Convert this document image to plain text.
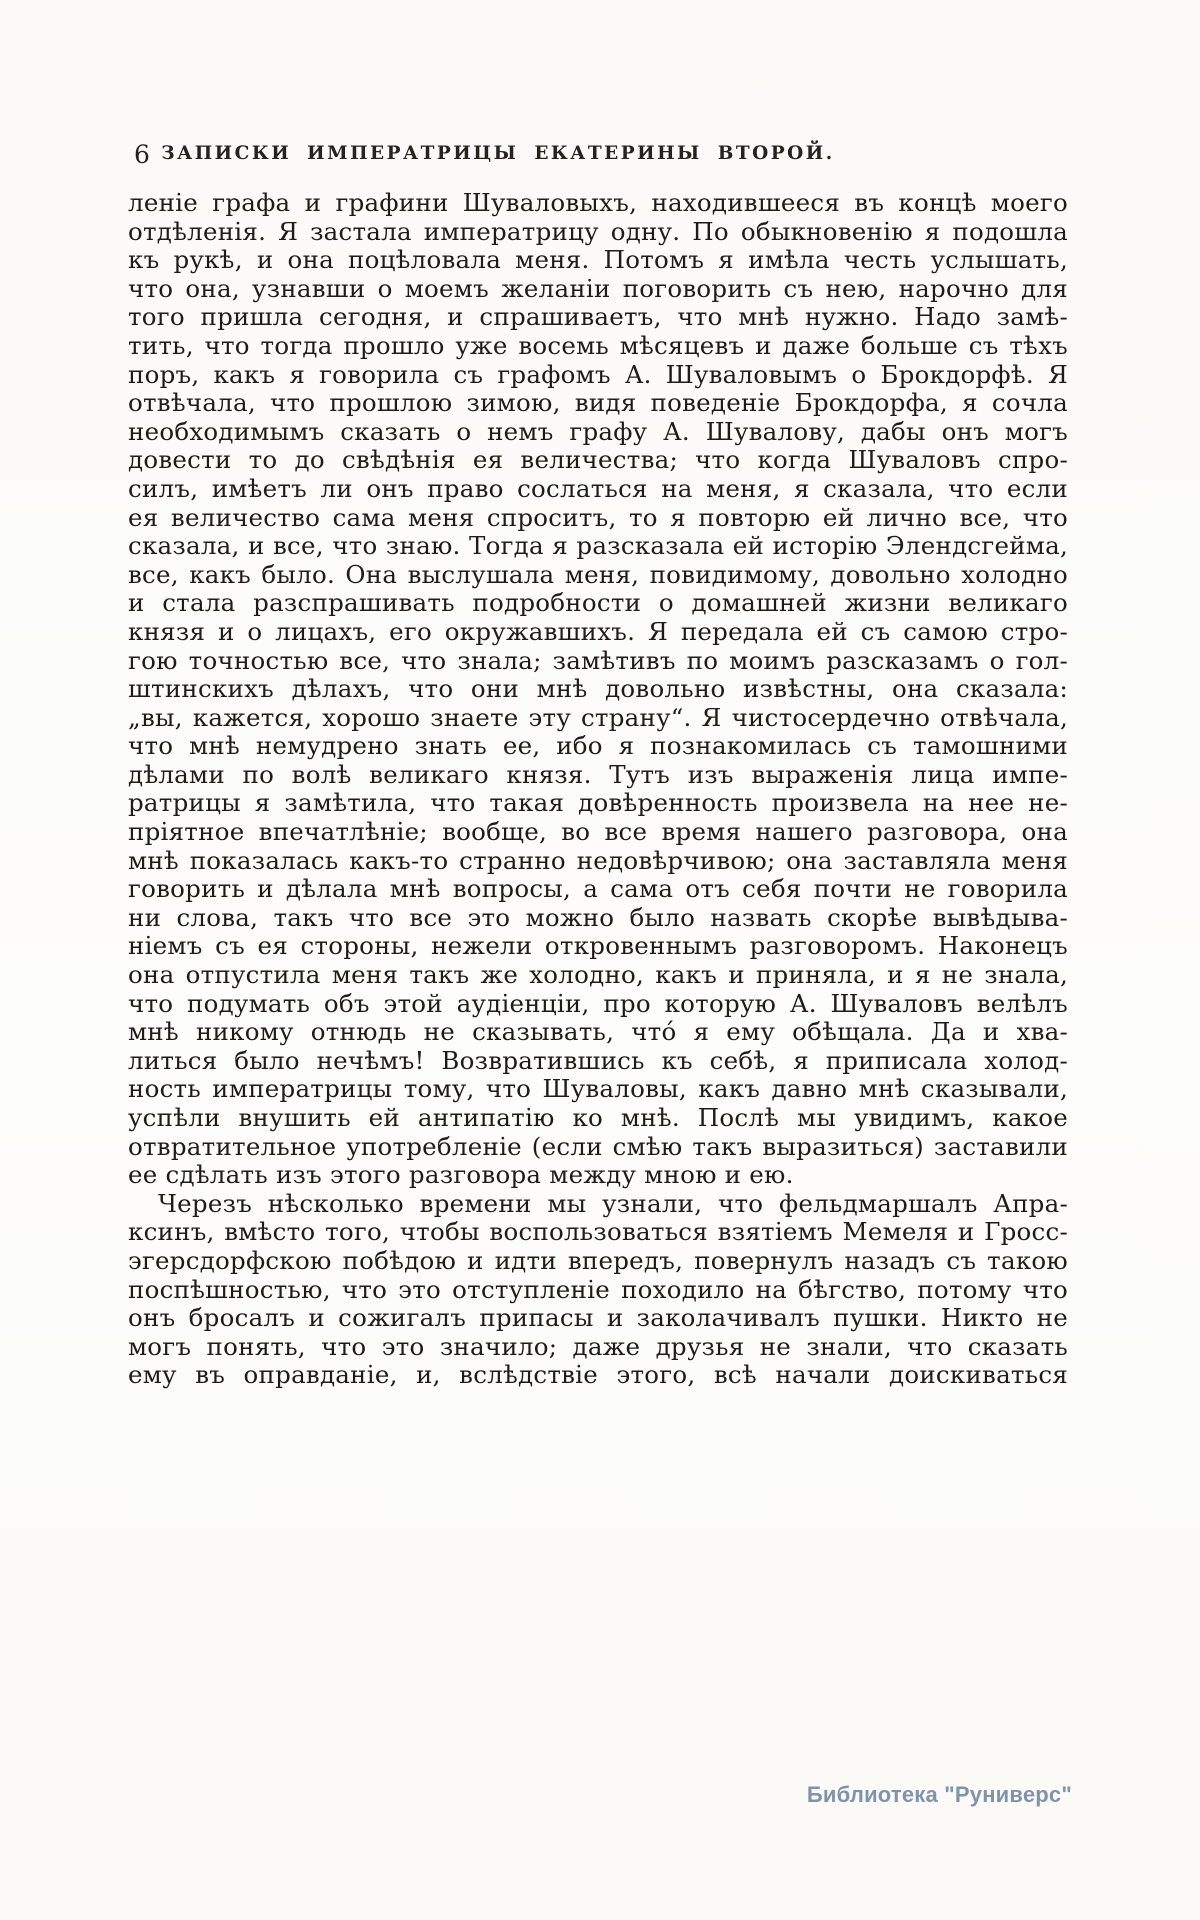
6 ЗАПИСКИ ИМПЕРАТРИЦЫ ЕКАТЕРИНЫ ВТОРОЙ.
леніе графа и графини Шуваловыхъ, находившееся въ концѣ моего
отдѣленія. Я застала императрицу одну. По обыкновенію я подошла
къ рукѣ, и она поцѣловала меня. Потомъ я имѣла честь услышать,
что она, узнавши о моемъ желаніи поговорить съ нею, нарочно для
того пришла сегодня, и спрашиваетъ, что мнѣ нужно. Надо замѣ-
тить, что тогда прошло уже восемь мѣсяцевъ и даже больше съ тѣхъ
поръ, какъ я говорила съ графомъ А. Шуваловымъ о Брокдорфѣ. Я
отвѣчала, что прошлою зимою, видя поведеніе Брокдорфа, я сочла
необходимымъ сказать о немъ графу А. Шувалову, дабы онъ могъ
довести то до свѣдѣнія ея величества; что когда Шуваловъ спро-
силъ, имѣетъ ли онъ право сослаться на меня, я сказала, что если
ея величество сама меня спроситъ, то я повторю ей лично все, что
сказала, и все, что знаю. Тогда я разсказала ей исторію Элендсгейма,
все, какъ было. Она выслушала меня, повидимому, довольно холодно
и стала разспрашивать подробности о домашней жизни великаго
князя и о лицахъ, его окружавшихъ. Я передала ей съ самою стро-
гою точностью все, что знала; замѣтивъ по моимъ разсказамъ о гол-
штинскихъ дѣлахъ, что они мнѣ довольно извѣстны, она сказала:
„вы, кажется, хорошо знаете эту страну“. Я чистосердечно отвѣчала,
что мнѣ немудрено знать ее, ибо я познакомилась съ тамошними
дѣлами по волѣ великаго князя. Тутъ изъ выраженія лица импе-
ратрицы я замѣтила, что такая довѣренность произвела на нее не-
пріятное впечатлѣніе; вообще, во все время нашего разговора, она
мнѣ показалась какъ-то странно недовѣрчивою; она заставляла меня
говорить и дѣлала мнѣ вопросы, а сама отъ себя почти не говорила
ни слова, такъ что все это можно было назвать скорѣе вывѣдыва-
ніемъ съ ея стороны, нежели откровеннымъ разговоромъ. Наконецъ
она отпустила меня такъ же холодно, какъ и приняла, и я не знала,
что подумать объ этой аудіенціи, про которую А. Шуваловъ велѣлъ
мнѣ никому отнюдь не сказывать, что́ я ему обѣщала. Да и хва-
литься было нечѣмъ! Возвратившись къ себѣ, я приписала холод-
ность императрицы тому, что Шуваловы, какъ давно мнѣ сказывали,
успѣли внушить ей антипатію ко мнѣ. Послѣ мы увидимъ, какое
отвратительное употребленіе (если смѣю такъ выразиться) заставили
ее сдѣлать изъ этого разговора между мною и ею.
Черезъ нѣсколько времени мы узнали, что фельдмаршалъ Апра-
ксинъ, вмѣсто того, чтобы воспользоваться взятіемъ Мемеля и Гросс-
эгерсдорфскою побѣдою и идти впередъ, повернулъ назадъ съ такою
поспѣшностью, что это отступленіе походило на бѣгство, потому что
онъ бросалъ и сожигалъ припасы и заколачивалъ пушки. Никто не
могъ понять, что это значило; даже друзья не знали, что сказать
ему въ оправданіе, и, вслѣдствіе этого, всѣ начали доискиваться
Библиотека "Руниверс"
